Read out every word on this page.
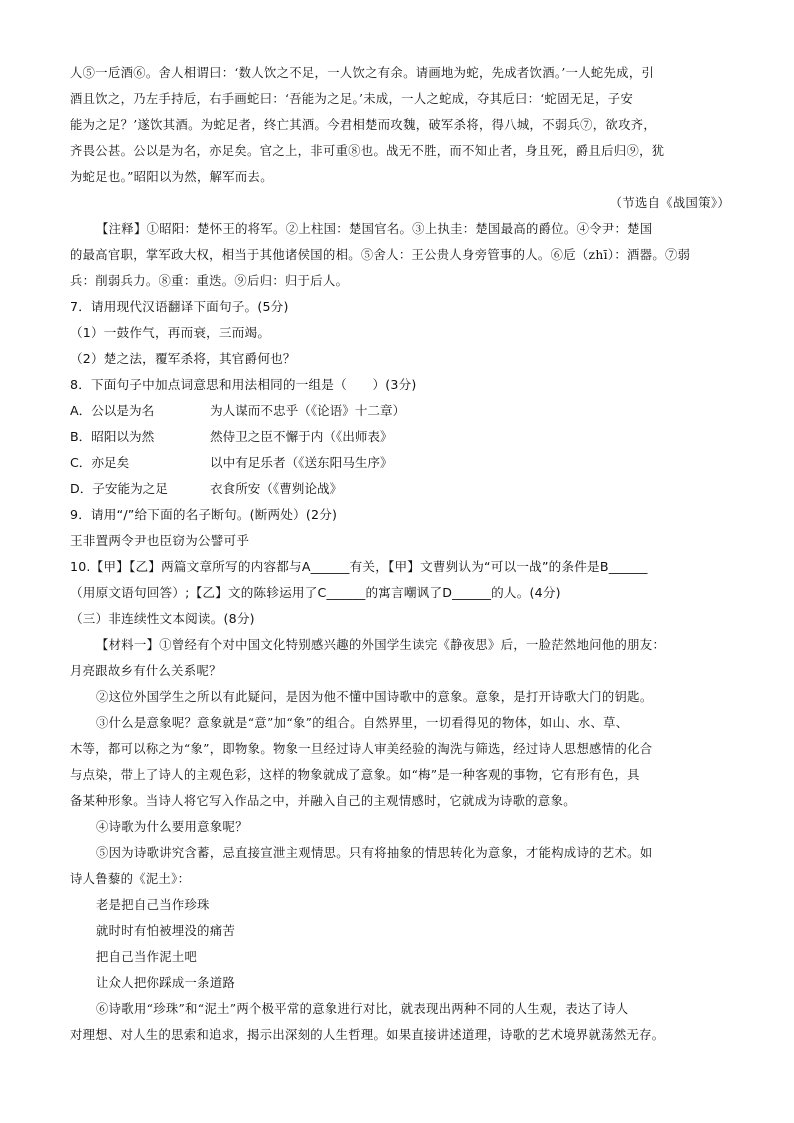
人⑤一卮酒⑥。舍人相谓曰：‘数人饮之不足，一人饮之有余。请画地为蛇，先成者饮酒。’一人蛇先成，引

酒且饮之，乃左手持卮，右手画蛇曰：‘吾能为之足。’未成，一人之蛇成，夺其卮曰：‘蛇固无足，子安

能为之足？’遂饮其酒。为蛇足者，终亡其酒。今君相楚而攻魏，破军杀将，得八城，不弱兵⑦，欲攻齐，

齐畏公甚。公以是为名，亦足矣。官之上，非可重⑧也。战无不胜，而不知止者，身且死，爵且后归⑨，犹

为蛇足也。”昭阳以为然，解军而去。

（节选自《战国策》）

【注释】①昭阳：楚怀王的将军。②上柱国：楚国官名。③上执圭：楚国最高的爵位。④令尹：楚国

的最高官职，掌军政大权，相当于其他诸侯国的相。⑤舍人：王公贵人身旁管事的人。⑥卮（zhī）：酒器。⑦弱

兵：削弱兵力。⑧重：重迭。⑨后归：归于后人。

7．请用现代汉语翻译下面句子。(5分)

（1）一鼓作气，再而衰，三而竭。

（2）楚之法，覆军杀将，其官爵何也？

8．下面句子中加点词意思和用法相同的一组是（　　）(3分)

A．公以是为名	为人谋而不忠乎（《论语》十二章）
B．昭阳以为然	然侍卫之臣不懈于内（《出师表》
C．亦足矣	以中有足乐者（《送东阳马生序》
D．子安能为之足	衣食所安（《曹刿论战》

9．请用“/”给下面的名子断句。(断两处）(2分)

王非置两令尹也臣窃为公譬可乎

10.【甲】【乙】两篇文章所写的内容都与A______有关，【甲】文曹刿认为“可以一战”的条件是B______

（用原文语句回答）;【乙】文的陈轸运用了C______的寓言嘲讽了D______的人。(4分)

（三）非连续性文本阅读。(8分)

【材料一】①曾经有个对中国文化特别感兴趣的外国学生读完《静夜思》后，一脸茫然地问他的朋友：

月亮跟故乡有什么关系呢？

②这位外国学生之所以有此疑问，是因为他不懂中国诗歌中的意象。意象，是打开诗歌大门的钥匙。

③什么是意象呢？意象就是“意”加“象”的组合。自然界里，一切看得见的物体，如山、水、草、

木等，都可以称之为“象”，即物象。物象一旦经过诗人审美经验的淘洗与筛选，经过诗人思想感情的化合

与点染，带上了诗人的主观色彩，这样的物象就成了意象。如“梅”是一种客观的事物，它有形有色，具

备某种形象。当诗人将它写入作品之中，并融入自己的主观情感时，它就成为诗歌的意象。

④诗歌为什么要用意象呢？

⑤因为诗歌讲究含蓄，忌直接宣泄主观情思。只有将抽象的情思转化为意象，才能构成诗的艺术。如

诗人鲁藜的《泥土》：

老是把自己当作珍珠

就时时有怕被埋没的痛苦

把自己当作泥土吧

让众人把你踩成一条道路

⑥诗歌用“珍珠”和“泥土”两个极平常的意象进行对比，就表现出两种不同的人生观，表达了诗人

对理想、对人生的思索和追求，揭示出深刻的人生哲理。如果直接讲述道理，诗歌的艺术境界就荡然无存。
